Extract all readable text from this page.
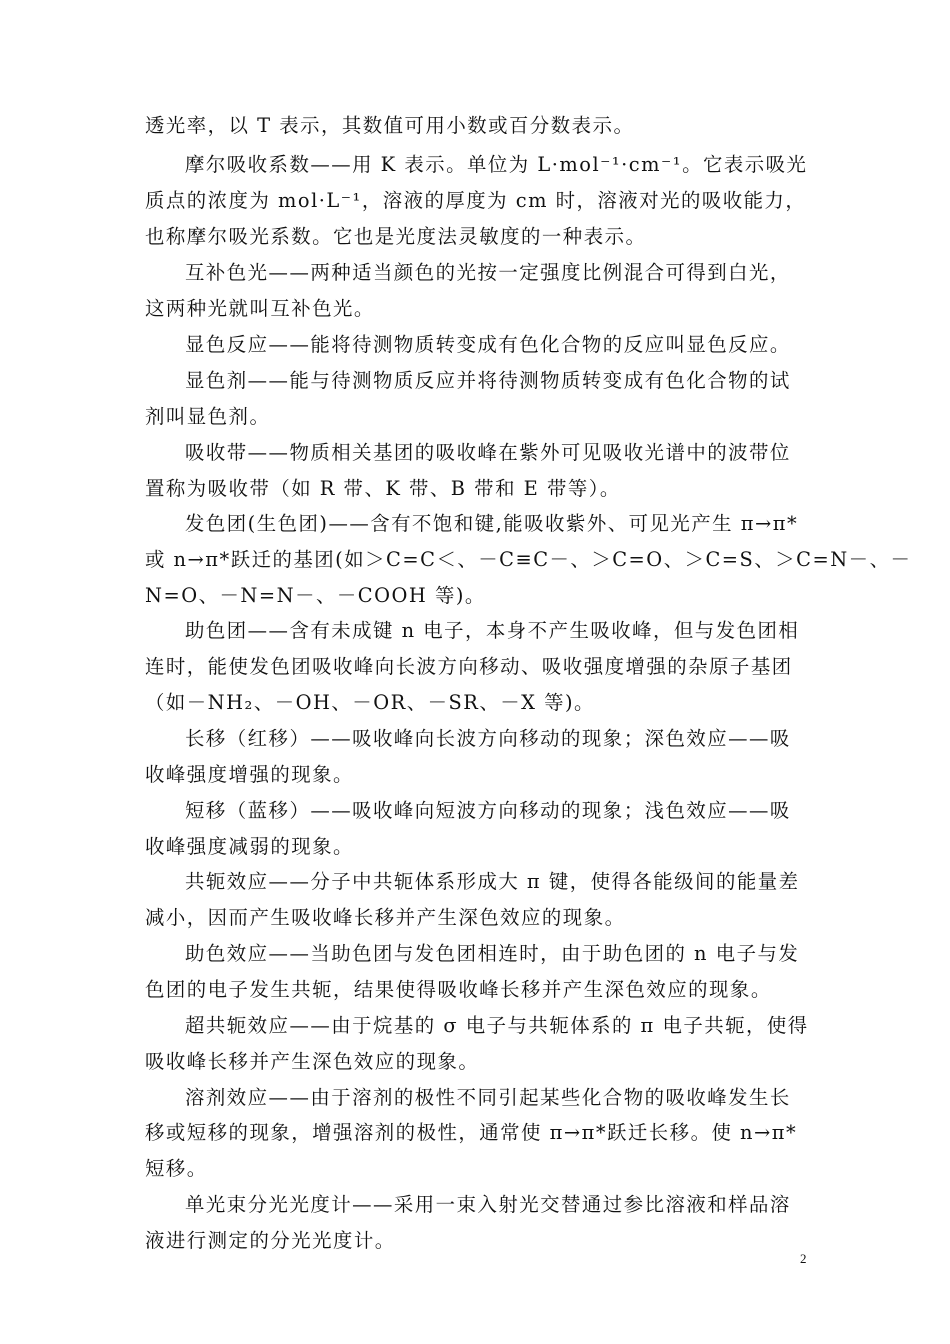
透光率，以 T 表示，其数值可用小数或百分数表示。
摩尔吸收系数——用 K 表示。单位为 L·mol⁻¹·cm⁻¹。它表示吸光
质点的浓度为 mol·L⁻¹，溶液的厚度为 cm 时，溶液对光的吸收能力，
也称摩尔吸光系数。它也是光度法灵敏度的一种表示。
互补色光——两种适当颜色的光按一定强度比例混合可得到白光，
这两种光就叫互补色光。
显色反应——能将待测物质转变成有色化合物的反应叫显色反应。
显色剂——能与待测物质反应并将待测物质转变成有色化合物的试
剂叫显色剂。
吸收带——物质相关基团的吸收峰在紫外可见吸收光谱中的波带位
置称为吸收带（如 R 带、K 带、B 带和 E 带等）。
发色团(生色团)——含有不饱和键,能吸收紫外、可见光产生 π→π*
或 n→π*跃迁的基团(如＞C=C＜、－C≡C－、＞C=O、＞C=S、＞C=N－、－
N=O、－N=N－、－COOH 等)。
助色团——含有未成键 n 电子，本身不产生吸收峰，但与发色团相
连时，能使发色团吸收峰向长波方向移动、吸收强度增强的杂原子基团
（如－NH₂、－OH、－OR、－SR、－X 等)。
长移（红移）——吸收峰向长波方向移动的现象；深色效应——吸
收峰强度增强的现象。
短移（蓝移）——吸收峰向短波方向移动的现象；浅色效应——吸
收峰强度减弱的现象。
共轭效应——分子中共轭体系形成大 π 键，使得各能级间的能量差
减小，因而产生吸收峰长移并产生深色效应的现象。
助色效应——当助色团与发色团相连时，由于助色团的 n 电子与发
色团的电子发生共轭，结果使得吸收峰长移并产生深色效应的现象。
超共轭效应——由于烷基的 σ 电子与共轭体系的 π 电子共轭，使得
吸收峰长移并产生深色效应的现象。
溶剂效应——由于溶剂的极性不同引起某些化合物的吸收峰发生长
移或短移的现象，增强溶剂的极性，通常使 π→π*跃迁长移。使 n→π*
短移。
单光束分光光度计——采用一束入射光交替通过参比溶液和样品溶
液进行测定的分光光度计。
2
